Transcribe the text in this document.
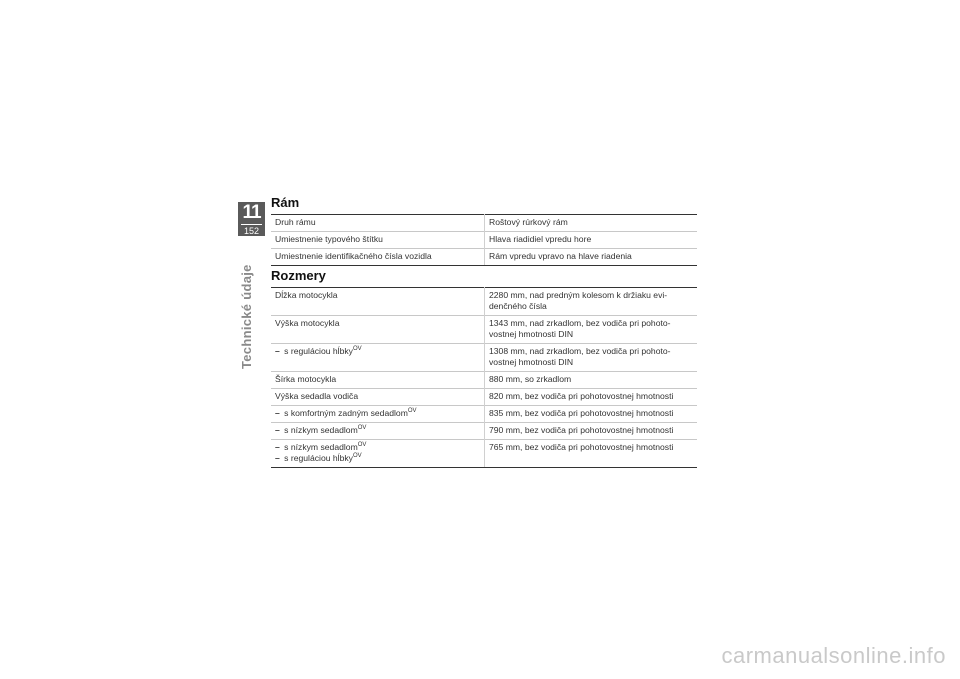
11
152
Technické údaje
Rám
Druh rámu	Roštový rúrkový rám
Umiestnenie typového štítku	Hlava riadidiel vpredu hore
Umiestnenie identifikačného čísla vozidla	Rám vpredu vpravo na hlave riadenia
Rozmery
Dĺžka motocykla	2280 mm, nad predným kolesom k držiaku evi-
denčného čísla
Výška motocykla	1343 mm, nad zrkadlom, bez vodiča pri pohoto-
vostnej hmotnosti DIN
– s reguláciou hĺbky$^{OV}$	1308 mm, nad zrkadlom, bez vodiča pri pohoto-
vostnej hmotnosti DIN
Šírka motocykla	880 mm, so zrkadlom
Výška sedadla vodiča	820 mm, bez vodiča pri pohotovostnej hmotnosti
– s komfortným zadným sedadlom$^{OV}$	835 mm, bez vodiča pri pohotovostnej hmotnosti
– s nízkym sedadlom$^{OV}$	790 mm, bez vodiča pri pohotovostnej hmotnosti
– s nízkym sedadlom$^{OV}$
– s reguláciou hĺbky$^{OV}$	765 mm, bez vodiča pri pohotovostnej hmotnosti
carmanualsonline.info
